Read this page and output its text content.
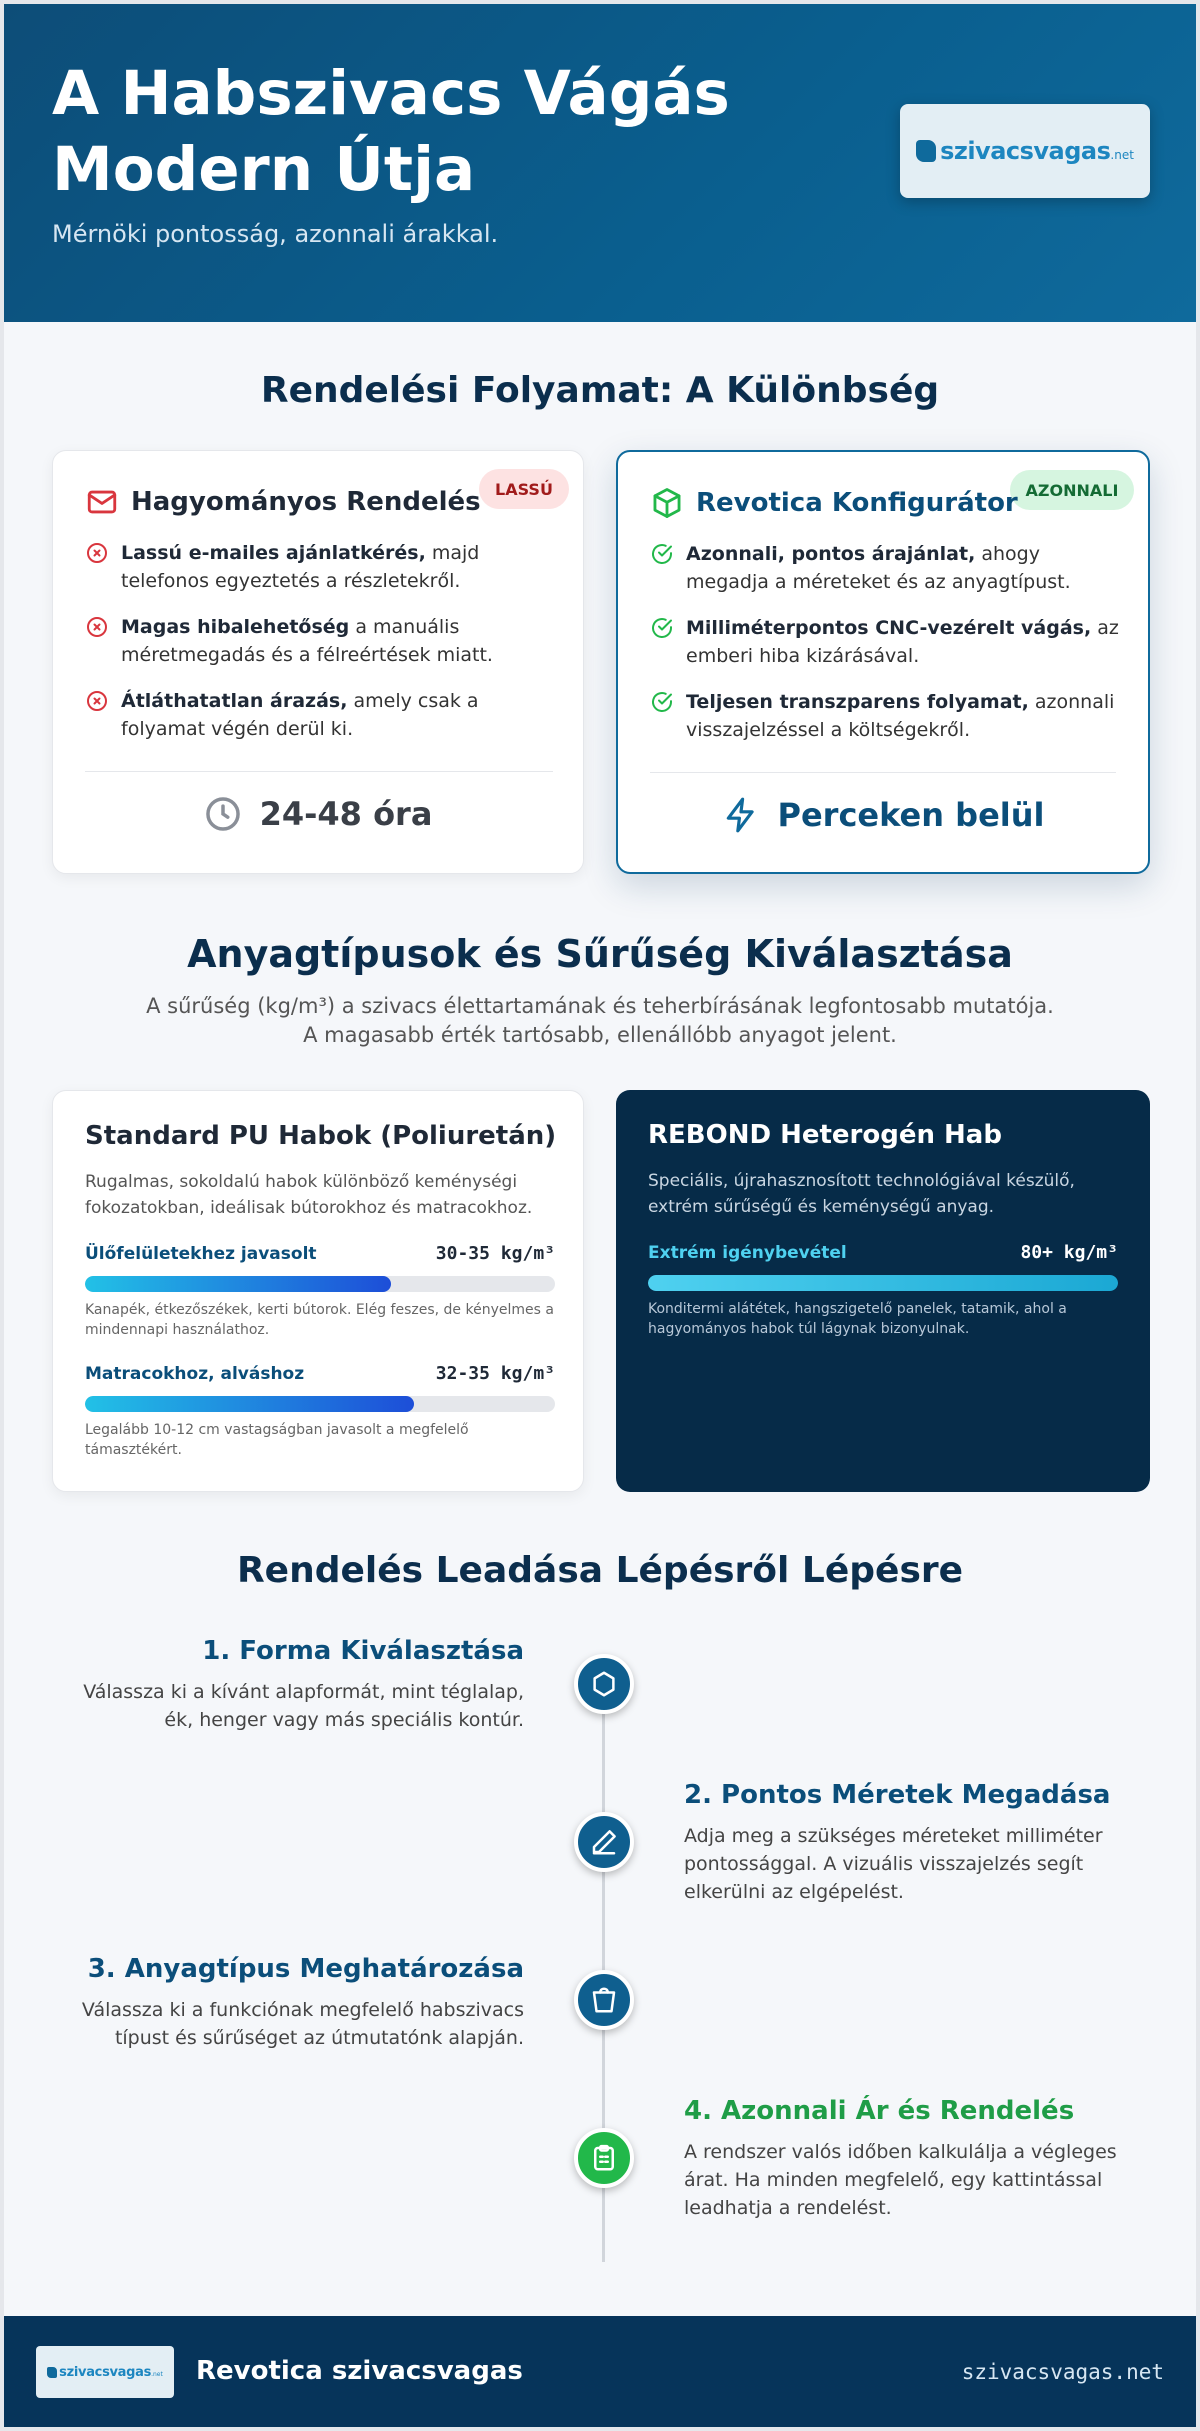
A Habszivacs Vágás Modern Útja
Mérnöki pontosság, azonnali árakkal.
szivacsvagas .net
Rendelési Folyamat: A Különbség
LASSÚ
Hagyományos Rendelés
Lassú e-mailes ajánlatkérés, majd telefonos egyeztetés a részletekről.
Magas hibalehetőség a manuális méretmegadás és a félreértések miatt.
Átláthatatlan árazás, amely csak a folyamat végén derül ki.
24-48 óra
AZONNALI
Revotica Konfigurátor
Azonnali, pontos árajánlat, ahogy megadja a méreteket és az anyagtípust.
Milliméterpontos CNC-vezérelt vágás, az emberi hiba kizárásával.
Teljesen transzparens folyamat, azonnali visszajelzéssel a költségekről.
Perceken belül
Anyagtípusok és Sűrűség Kiválasztása
A sűrűség (kg/m³) a szivacs élettartamának és teherbírásának legfontosabb mutatója. A magasabb érték tartósabb, ellenállóbb anyagot jelent.
Standard PU Habok (Poliuretán)
Rugalmas, sokoldalú habok különböző keménységi fokozatokban, ideálisak bútorokhoz és matracokhoz.
Ülőfelületekhez javasolt	30-35 kg/m³
Kanapék, étkezőszékek, kerti bútorok. Elég feszes, de kényelmes a mindennapi használathoz.
Matracokhoz, alváshoz	32-35 kg/m³
Legalább 10-12 cm vastagságban javasolt a megfelelő támasztékért.
REBOND Heterogén Hab
Speciális, újrahasznosított technológiával készülő, extrém sűrűségű és keménységű anyag.
Extrém igénybevétel	80+ kg/m³
Konditermi alátétek, hangszigetelő panelek, tatamik, ahol a hagyományos habok túl lágynak bizonyulnak.
Rendelés Leadása Lépésről Lépésre
1. Forma Kiválasztása
Válassza ki a kívánt alapformát, mint téglalap, ék, henger vagy más speciális kontúr.
2. Pontos Méretek Megadása
Adja meg a szükséges méreteket milliméter pontossággal. A vizuális visszajelzés segít elkerülni az elgépelést.
3. Anyagtípus Meghatározása
Válassza ki a funkciónak megfelelő habszivacs típust és sűrűséget az útmutatónk alapján.
4. Azonnali Ár és Rendelés
A rendszer valós időben kalkulálja a végleges árat. Ha minden megfelelő, egy kattintással leadhatja a rendelést.
szivacsvagas .net Revotica szivacsvagas	szivacsvagas.net
